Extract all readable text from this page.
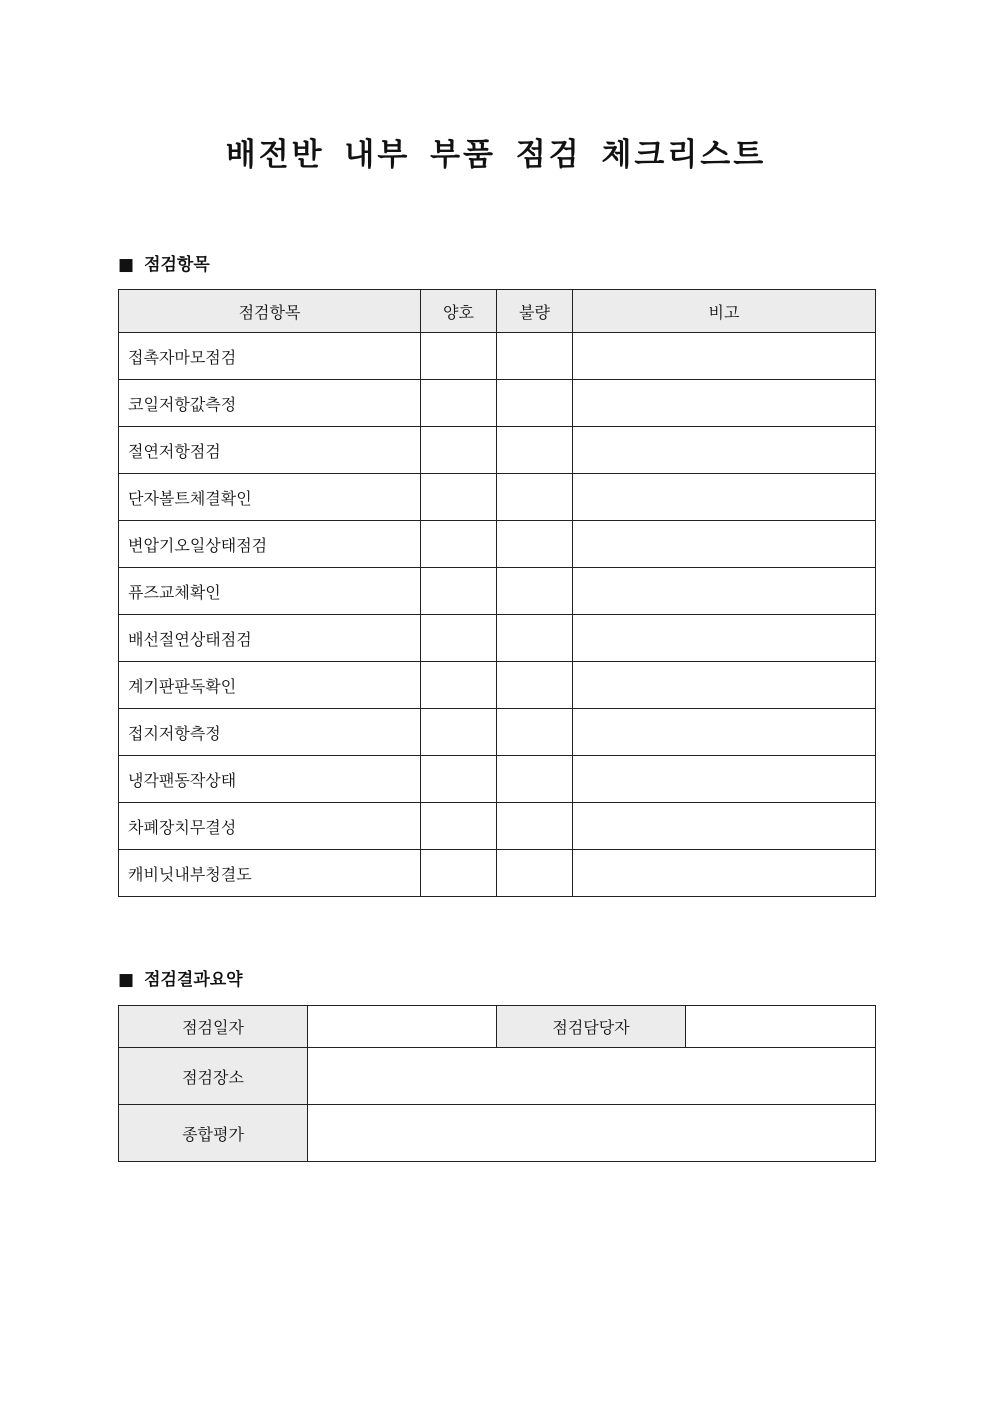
배전반 내부 부품 점검 체크리스트
■ 점검항목
점검항목	양호	불량	비고
접촉자마모점검			
코일저항값측정			
절연저항점검			
단자볼트체결확인			
변압기오일상태점검			
퓨즈교체확인			
배선절연상태점검			
계기판판독확인			
접지저항측정			
냉각팬동작상태			
차폐장치무결성			
캐비닛내부청결도			
■ 점검결과요약
점검일자		점검담당자	
점검장소			
종합평가			
